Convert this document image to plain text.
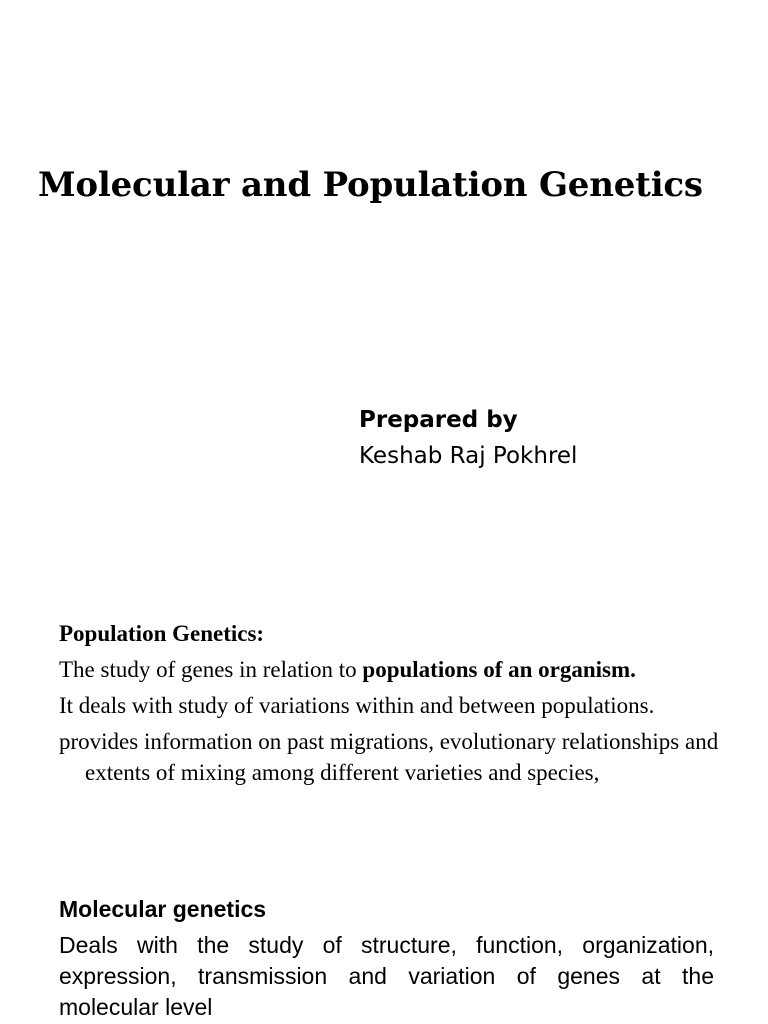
Molecular and Population Genetics
Prepared by
Keshab Raj Pokhrel
Population Genetics:
The study of genes in relation to populations of an organism.
It deals with study of variations within and between populations.
provides information on past migrations, evolutionary relationships and extents of mixing among different varieties and species,
Molecular genetics

Deals with the study of structure, function, organization, expression, transmission and variation of genes at the molecular level
